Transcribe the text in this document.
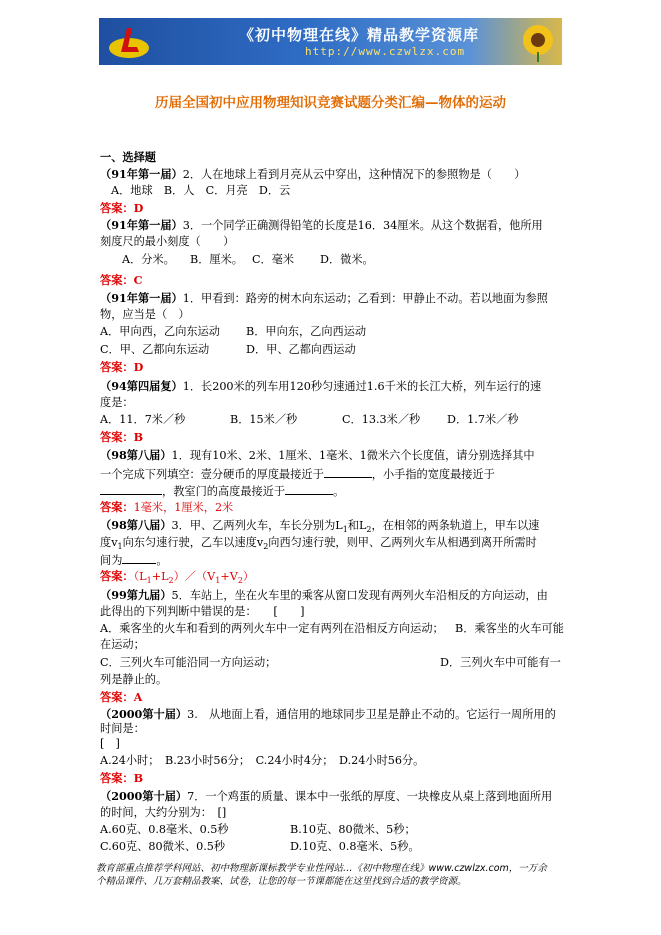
《初中物理在线》精品教学资源库
http://www.czwlzx.com
历届全国初中应用物理知识竞赛试题分类汇编—物体的运动
一、选择题
（91年第一届）2．人在地球上看到月亮从云中穿出，这种情况下的参照物是（　　）
A．地球　B．人　C．月亮　D．云
答案：D
（91年第一届）3．一个同学正确测得铅笔的长度是16．34厘米。从这个数据看，他所用
刻度尺的最小刻度（　　）
A．分米。 B．厘米。 C．毫米 D．微米。
答案：C
（91年第一届）1．甲看到：路旁的树木向东运动；乙看到：甲静止不动。若以地面为参照
物，应当是（　）
A．甲向西，乙向东运动 B．甲向东，乙向西运动
C．甲、乙都向东运动	D．甲、乙都向西运动
答案：D
（94第四届复）1．长200米的列车用120秒匀速通过1.6千米的长江大桥，列车运行的速
度是：
A．11．7米／秒	B．15米／秒	C．13.3米／秒 D．1.7米／秒
答案：B
（98第八届）1．现有10米、2米、1厘米、1毫米、1微米六个长度值，请分别选择其中
一个完成下列填空：壹分硬币的厚度最接近于	，小手指的宽度最接近于
，教室门的高度最接近于	。
答案：1毫米，1厘米，2米
（98第八届）3．甲、乙两列火车，车长分别为$L_1$和$L_2$，在相邻的两条轨道上，甲车以速
度$v_1$向东匀速行驶，乙车以速度$v_2$向西匀速行驶，则甲、乙两列火车从相遇到离开所需时
间为	。
答案：$(L_1+L_2)/(V_1+V_2)$
（99第九届）5．车站上，坐在火车里的乘客从窗口发现有两列火车沿相反的方向运动，由
此得出的下列判断中错误的是：　　[　　]
A．乘客坐的火车和看到的两列火车中一定有两列在沿相反方向运动； B．乘客坐的火车可能
在运动；
C．三列火车可能沿同一方向运动；	D．三列火车中可能有一
列是静止的。
答案：A
（2000第十届）3.　从地面上看，通信用的地球同步卫星是静止不动的。它运行一周所用的
时间是：
[　]
A.24小时；　B.23小时56分；　C.24小时4分；　D.24小时56分。
答案：B
（2000第十届）7．一个鸡蛋的质量、课本中一张纸的厚度、一块橡皮从桌上落到地面所用
的时间，大约分别为：　[]
A.60克、0.8毫米、0.5秒	B.10克、80微米、5秒；
C.60克、80微米、0.5秒	D.10克、0.8毫米、5秒。
教育部重点推荐学科网站、初中物理新课标教学专业性网站…《初中物理在线》www.czwlzx.com，一万余
个精品课件、几万套精品教案、试卷，让您的每一节课都能在这里找到合适的教学资源。
